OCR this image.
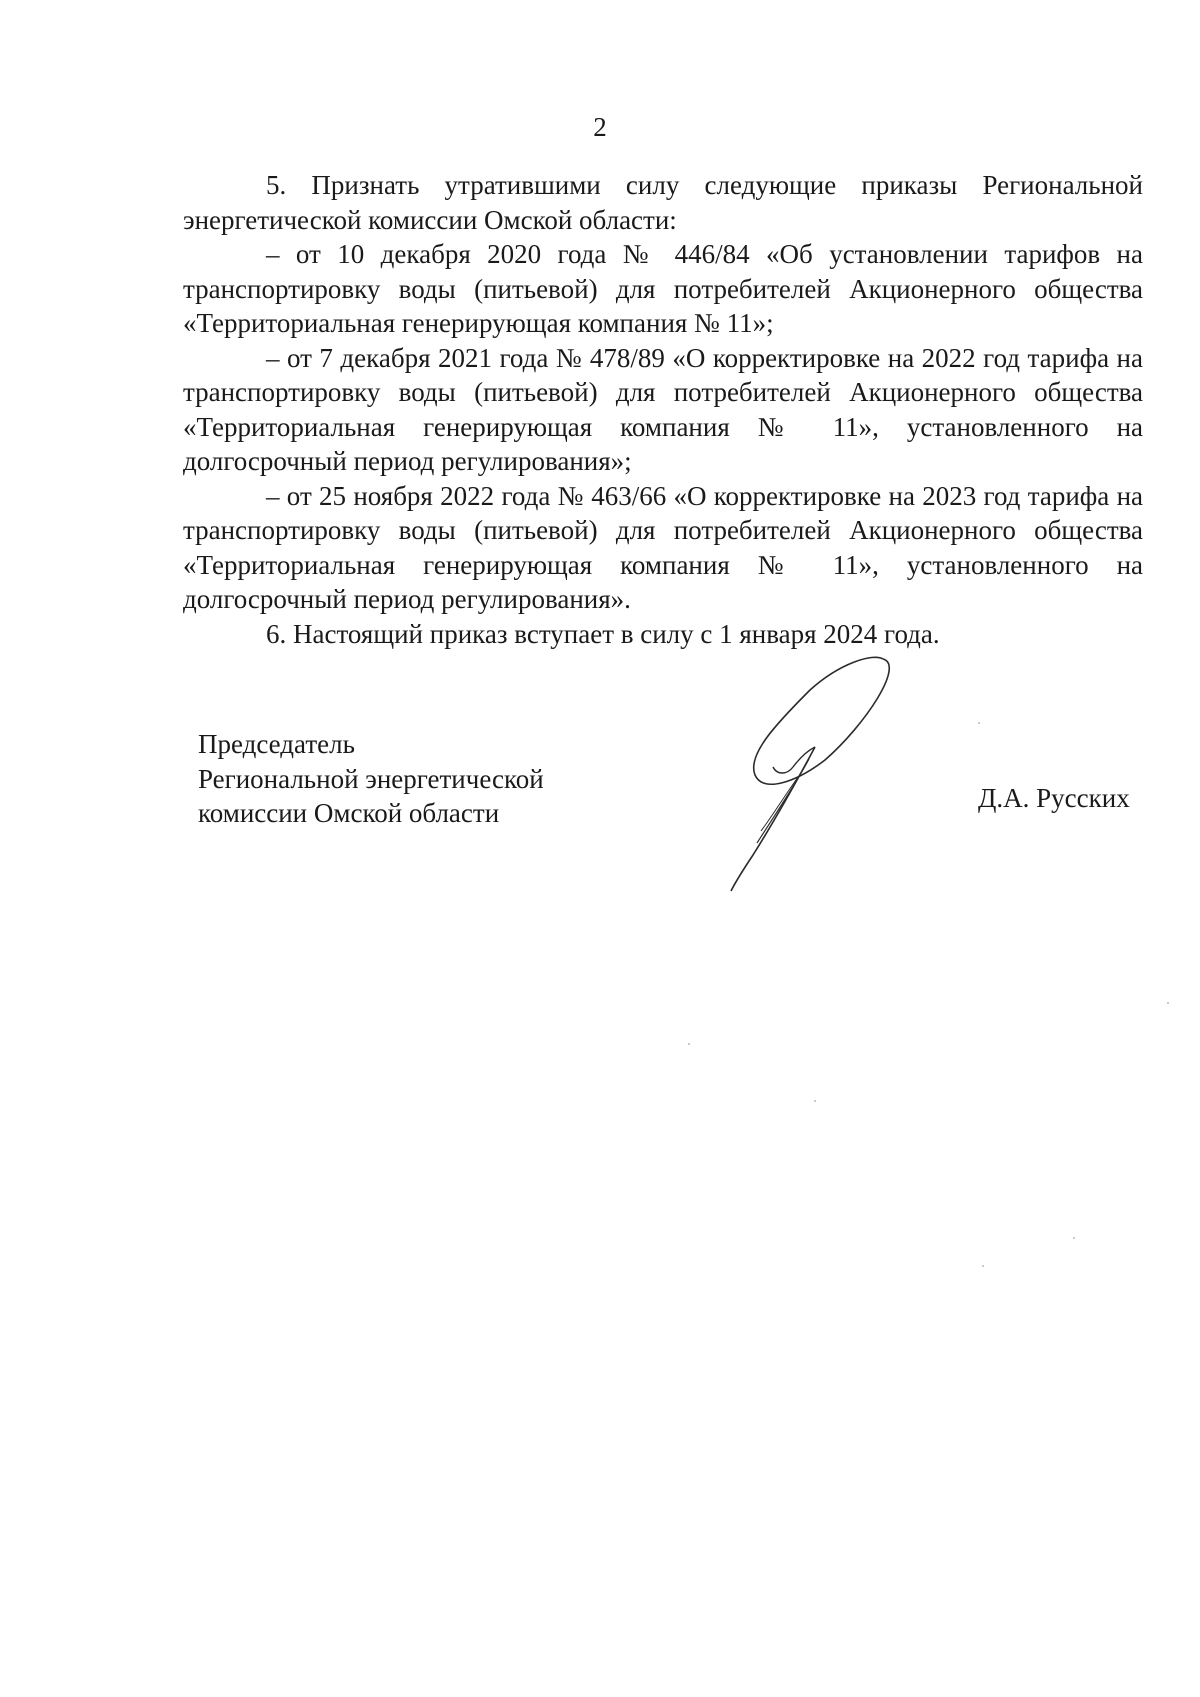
2

5. Признать утратившими силу следующие приказы Региональной энергетической комиссии Омской области:

– от 10 декабря 2020 года № 446/84 «Об установлении тарифов на транспортировку воды (питьевой) для потребителей Акционерного общества «Территориальная генерирующая компания № 11»;

– от 7 декабря 2021 года № 478/89 «О корректировке на 2022 год тарифа на транспортировку воды (питьевой) для потребителей Акционерного общества «Территориальная генерирующая компания № 11», установленного на долгосрочный период регулирования»;

– от 25 ноября 2022 года № 463/66 «О корректировке на 2023 год тарифа на транспортировку воды (питьевой) для потребителей Акционерного общества «Территориальная генерирующая компания № 11», установленного на долгосрочный период регулирования».

6. Настоящий приказ вступает в силу с 1 января 2024 года.

Председатель
Региональной энергетической
комиссии Омской области	Д.А. Русских
